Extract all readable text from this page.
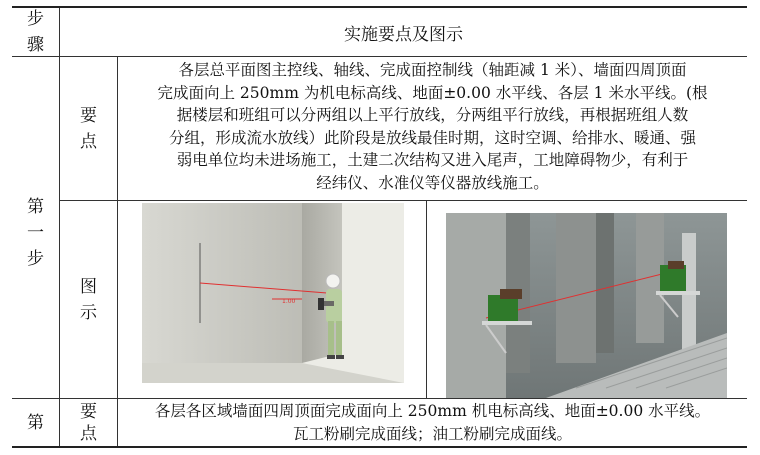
步
骤
实施要点及图示
第
一
步
要
点
各层总平面图主控线、轴线、完成面控制线（轴距减 1 米）、墙面四周顶面
完成面向上 250mm 为机电标高线、地面±0.00 水平线、各层 1 米水平线。(根
据楼层和班组可以分两组以上平行放线，分两组平行放线，再根据班组人数
分组，形成流水放线）此阶段是放线最佳时期，这时空调、给排水、暖通、强
弱电单位均未进场施工，土建二次结构又进入尾声，工地障碍物少，有利于
经纬仪、水准仪等仪器放线施工。
图
示
1.00
第
要
点
各层各区域墙面四周顶面完成面向上 250mm 机电标高线、地面±0.00 水平线。
瓦工粉刷完成面线；油工粉刷完成面线。
